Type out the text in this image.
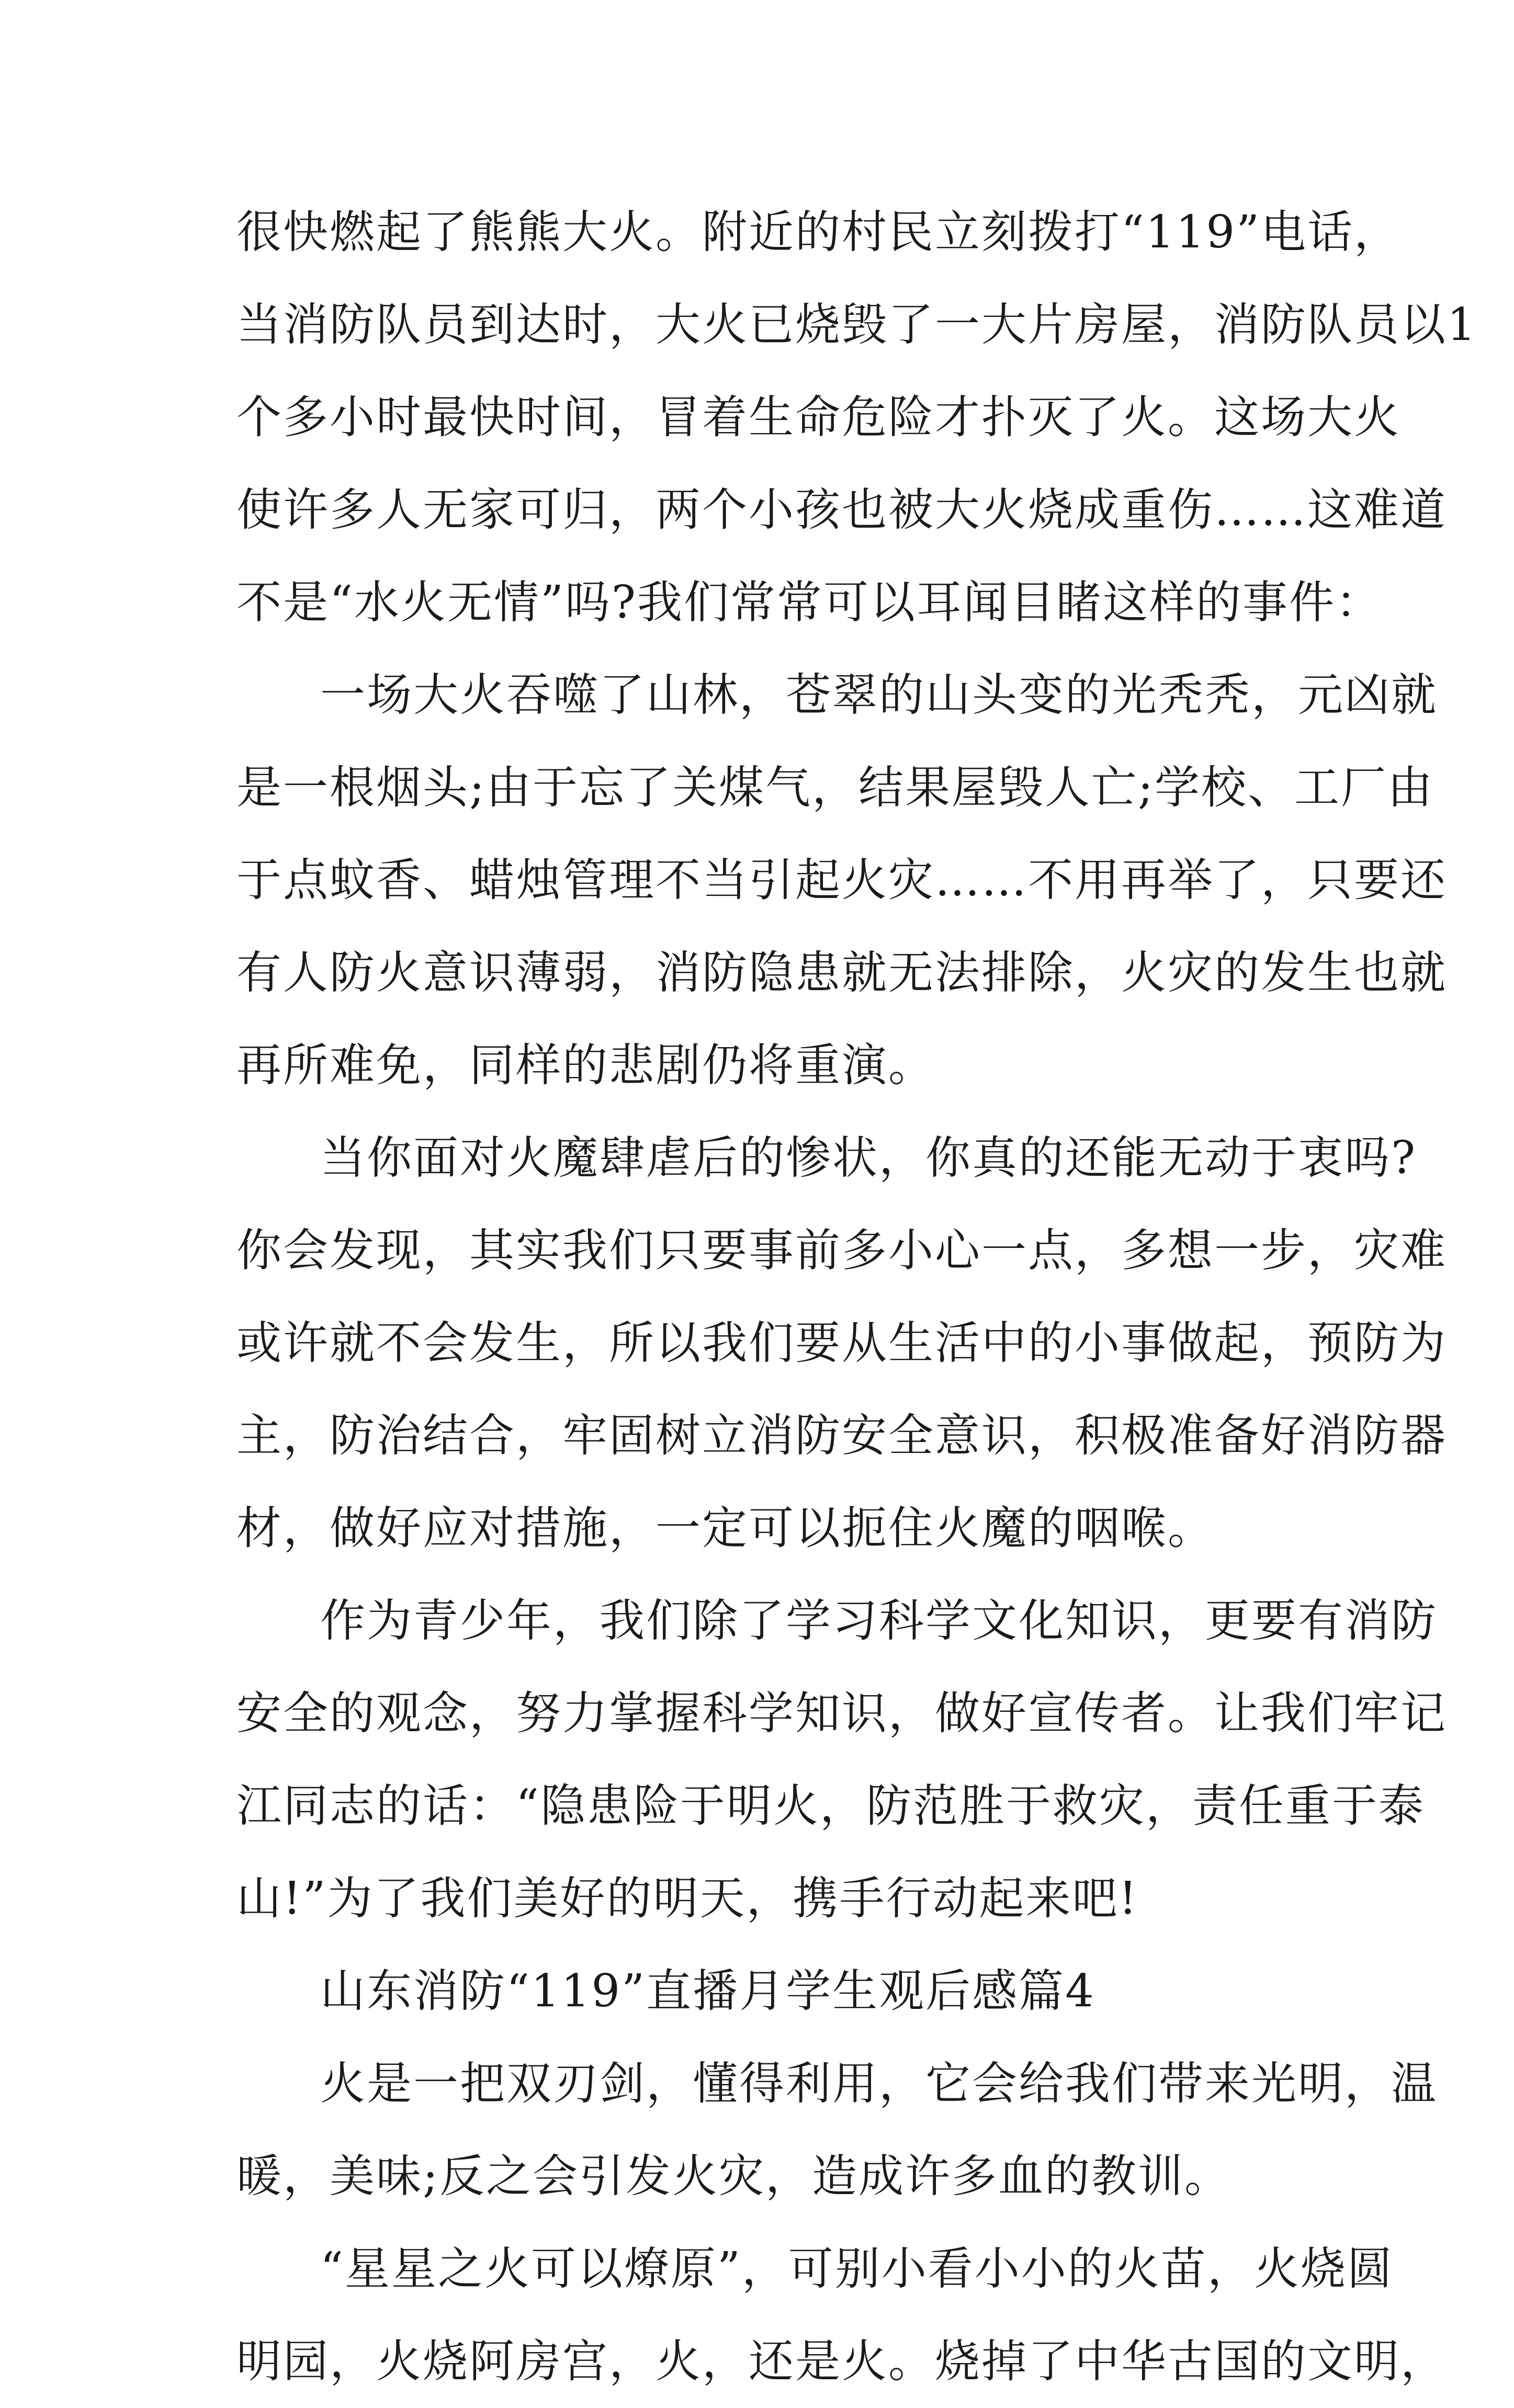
很快燃起了熊熊大火。附近的村民立刻拨打“119”电话，
当消防队员到达时，大火已烧毁了一大片房屋，消防队员以1
个多小时最快时间，冒着生命危险才扑灭了火。这场大火
使许多人无家可归，两个小孩也被大火烧成重伤……这难道
不是“水火无情”吗?我们常常可以耳闻目睹这样的事件：
一场大火吞噬了山林，苍翠的山头变的光秃秃，元凶就
是一根烟头;由于忘了关煤气，结果屋毁人亡;学校、工厂由
于点蚊香、蜡烛管理不当引起火灾……不用再举了，只要还
有人防火意识薄弱，消防隐患就无法排除，火灾的发生也就
再所难免，同样的悲剧仍将重演。
当你面对火魔肆虐后的惨状，你真的还能无动于衷吗?
你会发现，其实我们只要事前多小心一点，多想一步，灾难
或许就不会发生，所以我们要从生活中的小事做起，预防为
主，防治结合，牢固树立消防安全意识，积极准备好消防器
材，做好应对措施，一定可以扼住火魔的咽喉。
作为青少年，我们除了学习科学文化知识，更要有消防
安全的观念，努力掌握科学知识，做好宣传者。让我们牢记
江同志的话：“隐患险于明火，防范胜于救灾，责任重于泰
山!”为了我们美好的明天，携手行动起来吧!
山东消防“119”直播月学生观后感篇4
火是一把双刃剑，懂得利用，它会给我们带来光明，温
暖，美味;反之会引发火灾，造成许多血的教训。
“星星之火可以燎原”，可别小看小小的火苗，火烧圆
明园，火烧阿房宫，火，还是火。烧掉了中华古国的文明，
